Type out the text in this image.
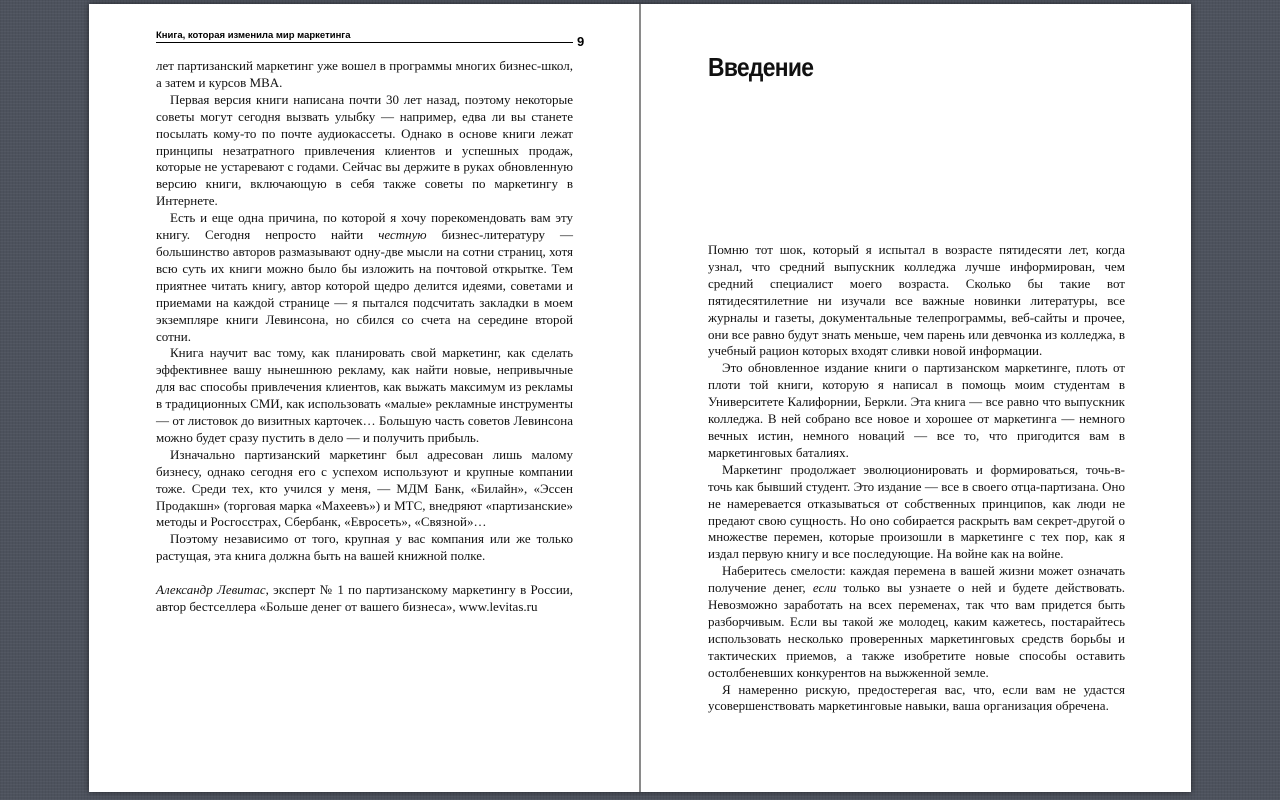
Книга, которая изменила мир маркетинга	9

лет партизанский маркетинг уже вошел в программы многих бизнес-школ, а затем и курсов MBA.

Первая версия книги написана почти 30 лет назад, поэтому некоторые советы могут сегодня вызвать улыбку — например, едва ли вы станете посылать кому-то по почте аудиокассеты. Однако в основе книги лежат принципы незатратного привлечения клиентов и успешных продаж, которые не устаревают с годами. Сейчас вы держите в руках обновленную версию книги, включающую в себя также советы по маркетингу в Интернете.

Есть и еще одна причина, по которой я хочу порекомендовать вам эту книгу. Сегодня непросто найти честную бизнес-литературу — большинство авторов размазывают одну-две мысли на сотни страниц, хотя всю суть их книги можно было бы изложить на почтовой открытке. Тем приятнее читать книгу, автор которой щедро делится идеями, советами и приемами на каждой странице — я пытался подсчитать закладки в моем экземпляре книги Левинсона, но сбился со счета на середине второй сотни.

Книга научит вас тому, как планировать свой маркетинг, как сделать эффективнее вашу нынешнюю рекламу, как найти новые, непривычные для вас способы привлечения клиентов, как выжать максимум из рекламы в традиционных СМИ, как использовать «малые» рекламные инструменты — от листовок до визитных карточек… Большую часть советов Левинсона можно будет сразу пустить в дело — и получить прибыль.

Изначально партизанский маркетинг был адресован лишь малому бизнесу, однако сегодня его с успехом используют и крупные компании тоже. Среди тех, кто учился у меня, — МДМ Банк, «Билайн», «Эссен Продакшн» (торговая марка «Махеевъ») и МТС, внедряют «партизанские» методы и Росгосстрах, Сбербанк, «Евросеть», «Связной»…

Поэтому независимо от того, крупная у вас компания или же только растущая, эта книга должна быть на вашей книжной полке.

Александр Левитас, эксперт № 1 по партизанскому маркетингу в России, автор бестселлера «Больше денег от вашего бизнеса», www.levitas.ru

Введение

Помню тот шок, который я испытал в возрасте пятидесяти лет, когда узнал, что средний выпускник колледжа лучше информирован, чем средний специалист моего возраста. Сколько бы такие вот пятидесятилетние ни изучали все важные новинки литературы, все журналы и газеты, документальные телепрограммы, веб-сайты и прочее, они все равно будут знать меньше, чем парень или девчонка из колледжа, в учебный рацион которых входят сливки новой информации.

Это обновленное издание книги о партизанском маркетинге, плоть от плоти той книги, которую я написал в помощь моим студентам в Университете Калифорнии, Беркли. Эта книга — все равно что выпускник колледжа. В ней собрано все новое и хорошее от маркетинга — немного вечных истин, немного новаций — все то, что пригодится вам в маркетинговых баталиях.

Маркетинг продолжает эволюционировать и формироваться, точь-в-точь как бывший студент. Это издание — все в своего отца-партизана. Оно не намеревается отказываться от собственных принципов, как люди не предают свою сущность. Но оно собирается раскрыть вам секрет-другой о множестве перемен, которые произошли в маркетинге с тех пор, как я издал первую книгу и все последующие. На войне как на войне.

Наберитесь смелости: каждая перемена в вашей жизни может означать получение денег, если только вы узнаете о ней и будете действовать. Невозможно заработать на всех переменах, так что вам придется быть разборчивым. Если вы такой же молодец, каким кажетесь, постарайтесь использовать несколько проверенных маркетинговых средств борьбы и тактических приемов, а также изобретите новые способы оставить остолбеневших конкурентов на выжженной земле.

Я намеренно рискую, предостерегая вас, что, если вам не удастся усовершенствовать маркетинговые навыки, ваша организация обречена.
